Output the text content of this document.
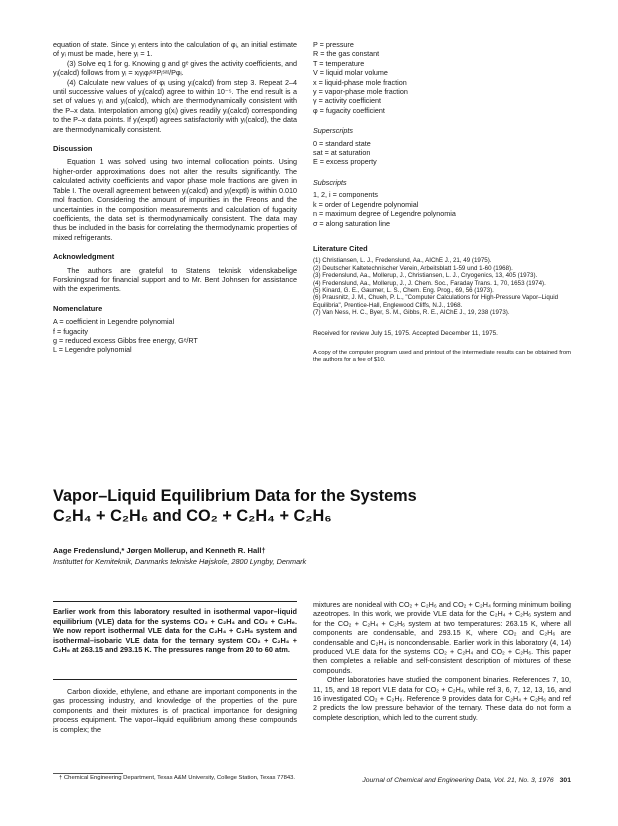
equation of state. Since yᵢ enters into the calculation of φᵢ, an initial estimate of yᵢ must be made, here yᵢ = 1.

(3) Solve eq 1 for g. Knowing g and gᵉ gives the activity coefficients, and yᵢ(calcd) follows from yᵢ = xᵢγᵢφᵢˢᵃᵗPᵢˢᵃᵗ/Pφᵢ.

(4) Calculate new values of φᵢ using yᵢ(calcd) from step 3. Repeat 2–4 until successive values of yᵢ(calcd) agree to within 10⁻⁵. The end result is a set of values γᵢ and yᵢ(calcd), which are thermodynamically consistent with the P–x data. Interpolation among g(xᵢ) gives readily yᵢ(calcd) corresponding to the P–x data points. If yᵢ(exptl) agrees satisfactorily with yᵢ(calcd), the data are thermodynamically consistent.

Discussion

Equation 1 was solved using two internal collocation points. Using higher-order approximations does not alter the results significantly. The calculated activity coefficients and vapor phase mole fractions are given in Table I. The overall agreement between yᵢ(calcd) and yᵢ(exptl) is within 0.010 mol fraction. Considering the amount of impurities in the Freons and the uncertainties in the composition measurements and calculation of fugacity coefficients, the data set is thermodynamically consistent. The data may thus be included in the basis for correlating the thermodynamic properties of mixed refrigerants.

Acknowledgment

The authors are grateful to Statens teknisk videnskabelige Forskningsrad for financial support and to Mr. Bent Johnsen for assistance with the experiments.

Nomenclature

A = coefficient in Legendre polynomial

f = fugacity

g = reduced excess Gibbs free energy, Gᵉ/RT

L = Legendre polynomial

P = pressure

R = the gas constant

T = temperature

V = liquid molar volume

x = liquid-phase mole fraction

y = vapor-phase mole fraction

γ = activity coefficient

φ = fugacity coefficient

Superscripts

0 = standard state

sat = at saturation

E = excess property

Subscripts

1, 2, i = components

k = order of Legendre polynomial

n = maximum degree of Legendre polynomia

σ = along saturation line

Literature Cited

(1) Christiansen, L. J., Fredenslund, Aa., AIChE J., 21, 49 (1975).

(2) Deutscher Kaltetechnischer Verein, Arbeitsblatt 1-59 und 1-60 (1968).

(3) Fredenslund, Aa., Mollerup, J., Christiansen, L. J., Cryogenics, 13, 405 (1973).

(4) Fredenslund, Aa., Mollerup, J., J. Chem. Soc., Faraday Trans. 1, 70, 1653 (1974).

(5) Kinard, G. E., Gaumer, L. S., Chem. Eng. Prog., 69, 56 (1973).

(6) Prausnitz, J. M., Chueh, P. L., "Computer Calculations for High-Pressure Vapor–Liquid Equilibria", Prentice-Hall, Englewood Cliffs, N.J., 1968.

(7) Van Ness, H. C., Byer, S. M., Gibbs, R. E., AIChE J., 19, 238 (1973).

Received for review July 15, 1975. Accepted December 11, 1975.

A copy of the computer program used and printout of the intermediate results can be obtained from the authors for a fee of $10.

Vapor–Liquid Equilibrium Data for the Systems
C₂H₄ + C₂H₆ and CO₂ + C₂H₄ + C₂H₆
Aage Fredenslund,* Jørgen Mollerup, and Kenneth R. Hall†
Instituttet for Kemiteknik, Danmarks tekniske Højskole, 2800 Lyngby, Denmark

Earlier work from this laboratory resulted in isothermal vapor–liquid equilibrium (VLE) data for the systems CO₂ + C₂H₄ and CO₂ + C₂H₆. We now report isothermal VLE data for the C₂H₄ + C₂H₆ system and isothermal–isobaric VLE data for the ternary system CO₂ + C₂H₄ + C₂H₆ at 263.15 and 293.15 K. The pressures range from 20 to 60 atm.

Carbon dioxide, ethylene, and ethane are important components in the gas processing industry, and knowledge of the properties of the pure components and their mixtures is of practical importance for designing process equipment. The vapor–liquid equilibrium among these compounds is complex; the

† Chemical Engineering Department, Texas A&M University, College Station, Texas 77843.

mixtures are nonideal with CO₂ + C₂H₆ and CO₂ + C₂H₄ forming minimum boiling azeotropes. In this work, we provide VLE data for the C₂H₄ + C₂H₆ system and for the CO₂ + C₂H₄ + C₂H₆ system at two temperatures: 263.15 K, where all components are condensable, and 293.15 K, where CO₂ and C₂H₆ are condensable and C₂H₄ is noncondensable. Earlier work in this laboratory (4, 14) produced VLE data for the systems CO₂ + C₂H₄ and CO₂ + C₂H₆. This paper then completes a reliable and self-consistent description of mixtures of these compounds.

Other laboratories have studied the component binaries. References 7, 10, 11, 15, and 18 report VLE data for CO₂ + C₂H₄, while ref 3, 6, 7, 12, 13, 16, and 16 investigated CO₂ + C₂H₆. Reference 9 provides data for C₂H₄ + C₂H₆ and ref 2 predicts the low pressure behavior of the ternary. These data do not form a complete description, which led to the current study.

Journal of Chemical and Engineering Data, Vol. 21, No. 3, 1976 301
